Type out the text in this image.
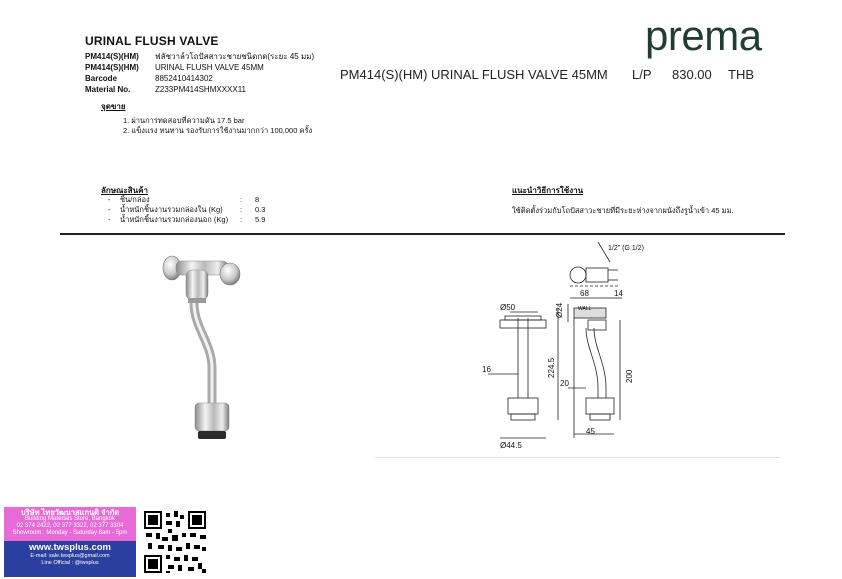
URINAL FLUSH VALVE	prema
PM414(S)(HM)	ฟลัชวาล์วโถปัสสาวะชายชนิดกด(ระยะ 45 มม)
PM414(S)(HM)	URINAL FLUSH VALVE 45MM
Barcode	8852410414302
Material No.	Z233PM414SHMXXXX11
PM414(S)(HM) URINAL FLUSH VALVE 45MM	L/P	830.00	THB
จุดขาย
1. ผ่านการทดสอบที่ความดัน 17.5 bar
2. แข็งแรง ทนทาน รองรับการใช้งานมากกว่า 100,000 ครั้ง
ลักษณะสินค้า
-	ชิ้น/กล่อง	:	8
-	น้ำหนักชิ้นงานรวมกล่องใน (Kg)	:	0.3
-	น้ำหนักชิ้นงานรวมกล่องนอก (Kg)	:	5.9
แนะนำวิธีการใช้งาน
ใช้ติดตั้งร่วมกับโถปัสสาวะชายที่มีระยะห่างจากผนังถึงรูน้ำเข้า 45 มม.
1/2" (G 1/2)
Ø50	Ø24
68	14
WALL
16	224.5	200
20
45
Ø44.5
บริษัท ไทยวัฒนาสแกนดิ จำกัด
Building Materials Store, Bangkok
02 374 2422, 02 377 3322, 02 377 3304
Showroom : Monday - Saturday 8am - 5pm
www.twsplus.com
E-mail: sale.twsplus@gmail.com
Line Official : @twsplus
